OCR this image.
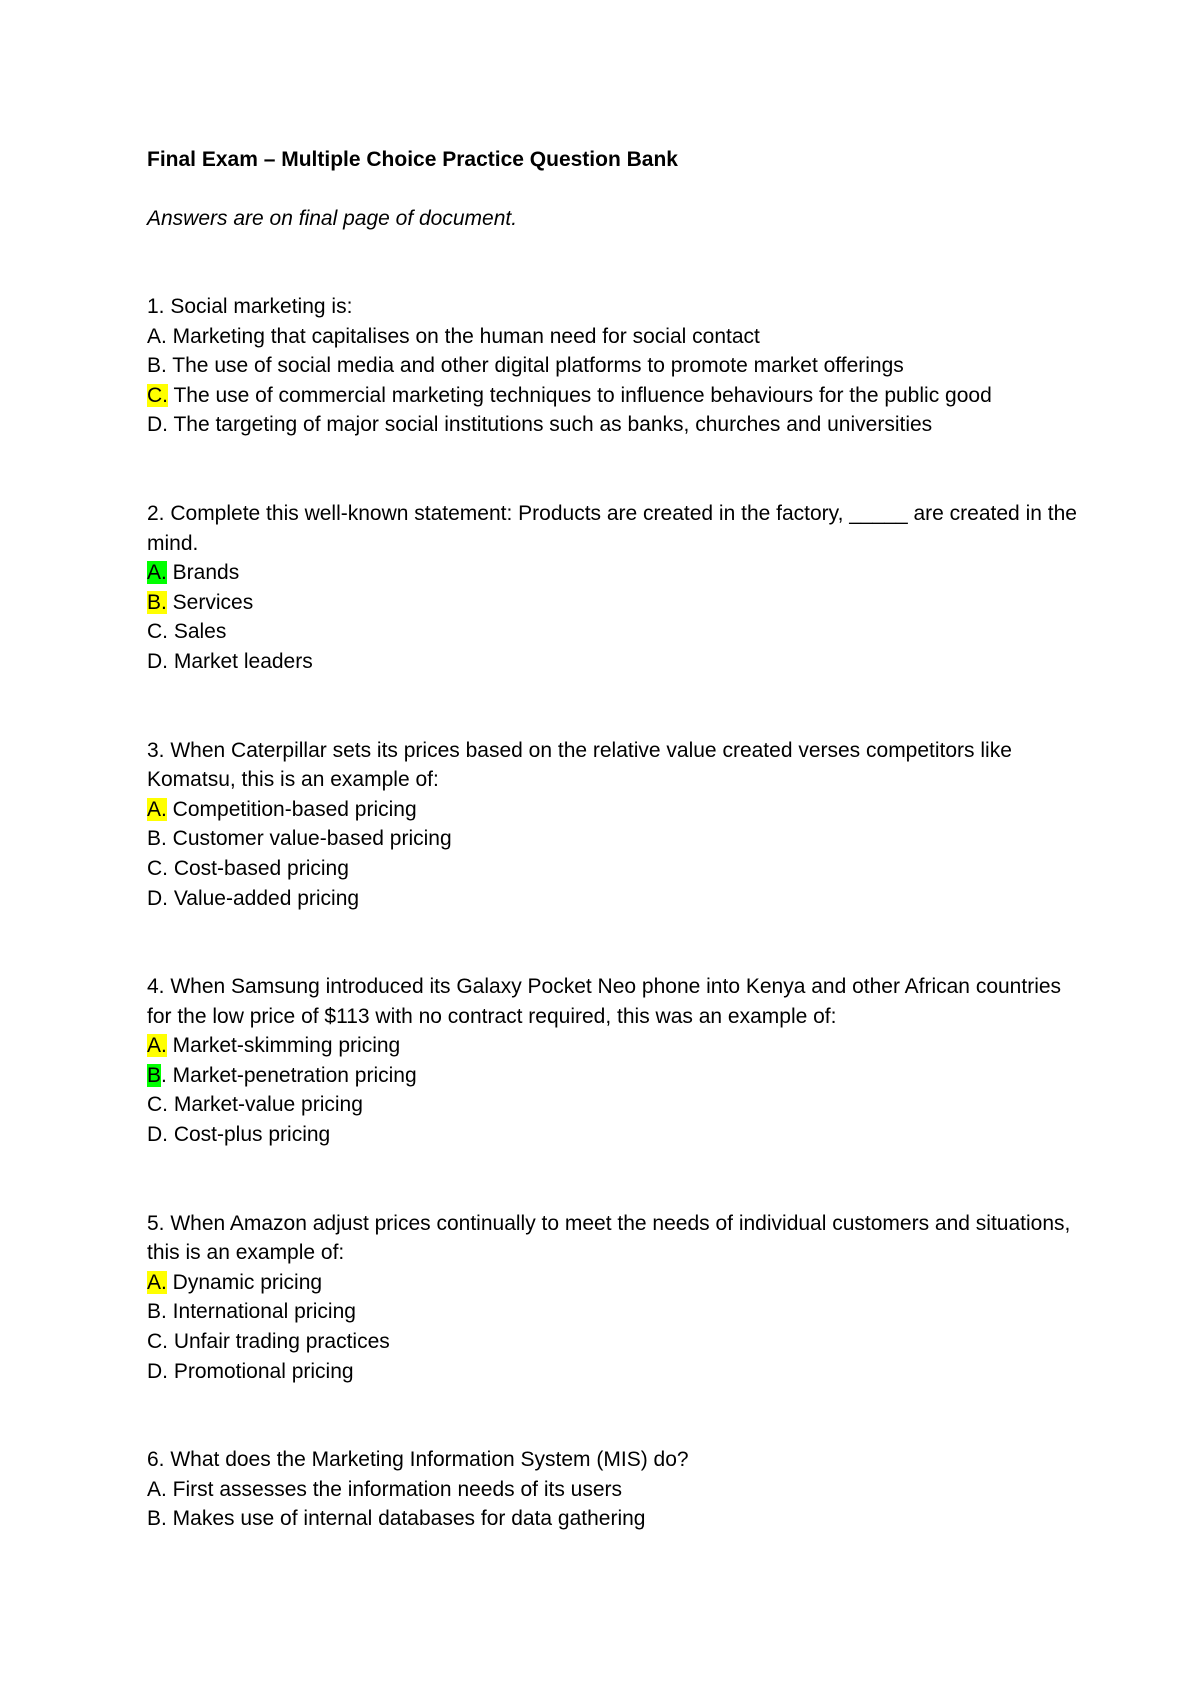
Final Exam – Multiple Choice Practice Question Bank
Answers are on final page of document.
1. Social marketing is:
A. Marketing that capitalises on the human need for social contact
B. The use of social media and other digital platforms to promote market offerings
C. The use of commercial marketing techniques to influence behaviours for the public good
D. The targeting of major social institutions such as banks, churches and universities
2. Complete this well-known statement: Products are created in the factory, _____ are created in the mind.
A. Brands
B. Services
C. Sales
D. Market leaders
3. When Caterpillar sets its prices based on the relative value created verses competitors like Komatsu, this is an example of:
A. Competition-based pricing
B. Customer value-based pricing
C. Cost-based pricing
D. Value-added pricing
4. When Samsung introduced its Galaxy Pocket Neo phone into Kenya and other African countries for the low price of $113 with no contract required, this was an example of:
A. Market-skimming pricing
B. Market-penetration pricing
C. Market-value pricing
D. Cost-plus pricing
5. When Amazon adjust prices continually to meet the needs of individual customers and situations, this is an example of:
A. Dynamic pricing
B. International pricing
C. Unfair trading practices
D. Promotional pricing
6. What does the Marketing Information System (MIS) do?
A. First assesses the information needs of its users
B. Makes use of internal databases for data gathering
